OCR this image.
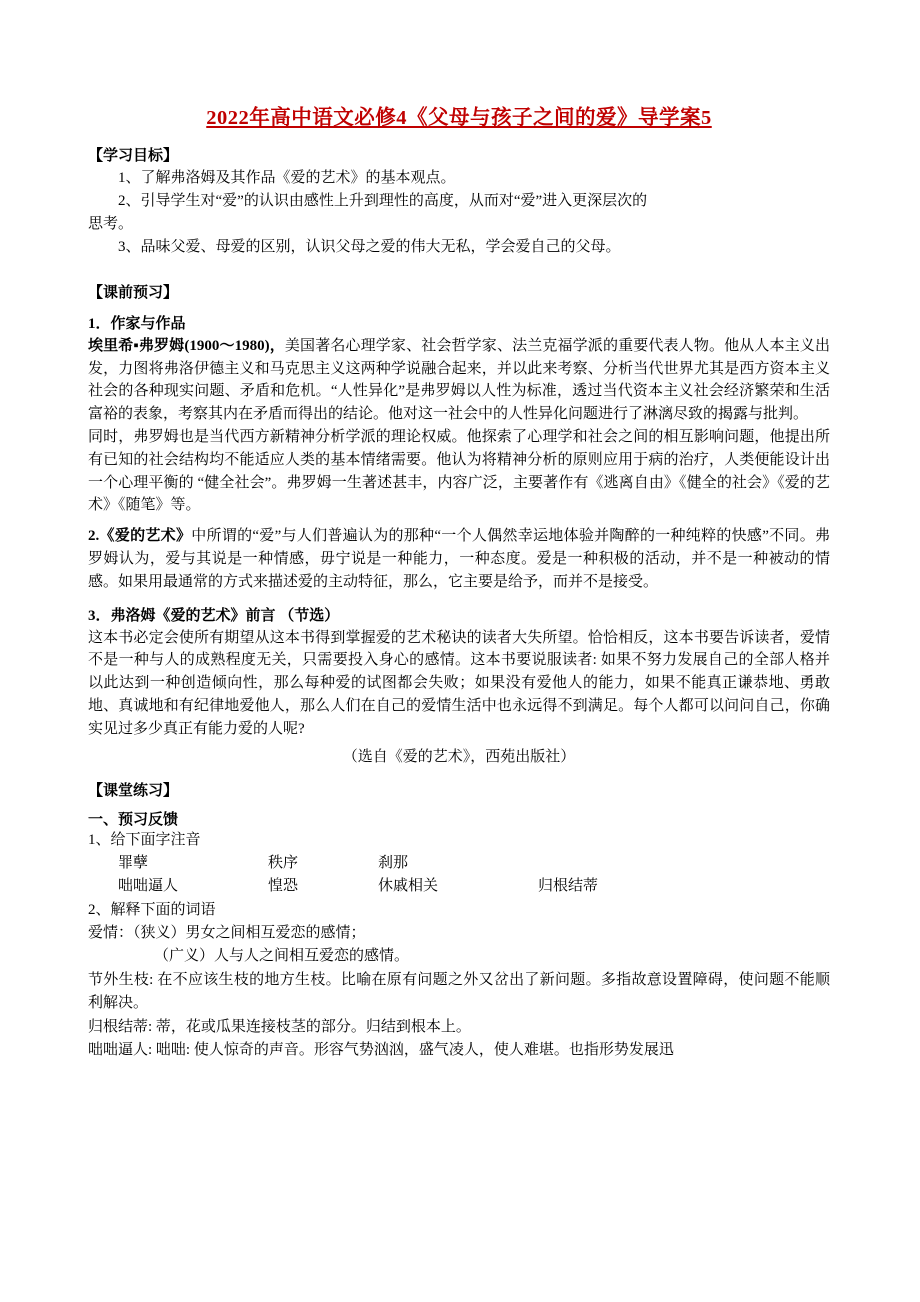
2022年高中语文必修4《父母与孩子之间的爱》导学案5
【学习目标】
1、了解弗洛姆及其作品《爱的艺术》的基本观点。
2、引导学生对“爱”的认识由感性上升到理性的高度，从而对“爱”进入更深层次的
思考。
3、品味父爱、母爱的区别，认识父母之爱的伟大无私，学会爱自己的父母。
【课前预习】
1．作家与作品

埃里希▪弗罗姆(1900～1980)，美国著名心理学家、社会哲学家、法兰克福学派的重要代表人物。他从人本主义出发，力图将弗洛伊德主义和马克思主义这两种学说融合起来，并以此来考察、分析当代世界尤其是西方资本主义社会的各种现实问题、矛盾和危机。“人性异化”是弗罗姆以人性为标准，透过当代资本主义社会经济繁荣和生活富裕的表象，考察其内在矛盾而得出的结论。他对这一社会中的人性异化问题进行了淋漓尽致的揭露与批判。

同时，弗罗姆也是当代西方新精神分析学派的理论权威。他探索了心理学和社会之间的相互影响问题，他提出所有已知的社会结构均不能适应人类的基本情绪需要。他认为将精神分析的原则应用于病的治疗，人类便能设计出一个心理平衡的 “健全社会”。弗罗姆一生著述甚丰，内容广泛，主要著作有《逃离自由》《健全的社会》《爱的艺术》《随笔》等。

2.《爱的艺术》中所谓的“爱”与人们普遍认为的那种“一个人偶然幸运地体验并陶醉的一种纯粹的快感”不同。弗罗姆认为，爱与其说是一种情感，毋宁说是一种能力，一种态度。爱是一种积极的活动，并不是一种被动的情感。如果用最通常的方式来描述爱的主动特征，那么，它主要是给予，而并不是接受。

3．弗洛姆《爱的艺术》前言 （节选）

这本书必定会使所有期望从这本书得到掌握爱的艺术秘诀的读者大失所望。恰恰相反，这本书要告诉读者，爱情不是一种与人的成熟程度无关，只需要投入身心的感情。这本书要说服读者: 如果不努力发展自己的全部人格并以此达到一种创造倾向性，那么每种爱的试图都会失败；如果没有爱他人的能力，如果不能真正谦恭地、勇敢地、真诚地和有纪律地爱他人，那么人们在自己的爱情生活中也永远得不到满足。每个人都可以问问自己，你确实见过多少真正有能力爱的人呢?

（选自《爱的艺术》，西苑出版社）
【课堂练习】
一、预习反馈
1、给下面字注音
罪孽	秩序	刹那
咄咄逼人	惶恐	休戚相关	归根结蒂
2、解释下面的词语
爱情：（狭义）男女之间相互爱恋的感情；
（广义）人与人之间相互爱恋的感情。
节外生枝: 在不应该生枝的地方生枝。比喻在原有问题之外又岔出了新问题。多指故意设置障碍，使问题不能顺利解决。
归根结蒂: 蒂，花或瓜果连接枝茎的部分。归结到根本上。
咄咄逼人: 咄咄: 使人惊奇的声音。形容气势汹汹，盛气凌人，使人难堪。也指形势发展迅
